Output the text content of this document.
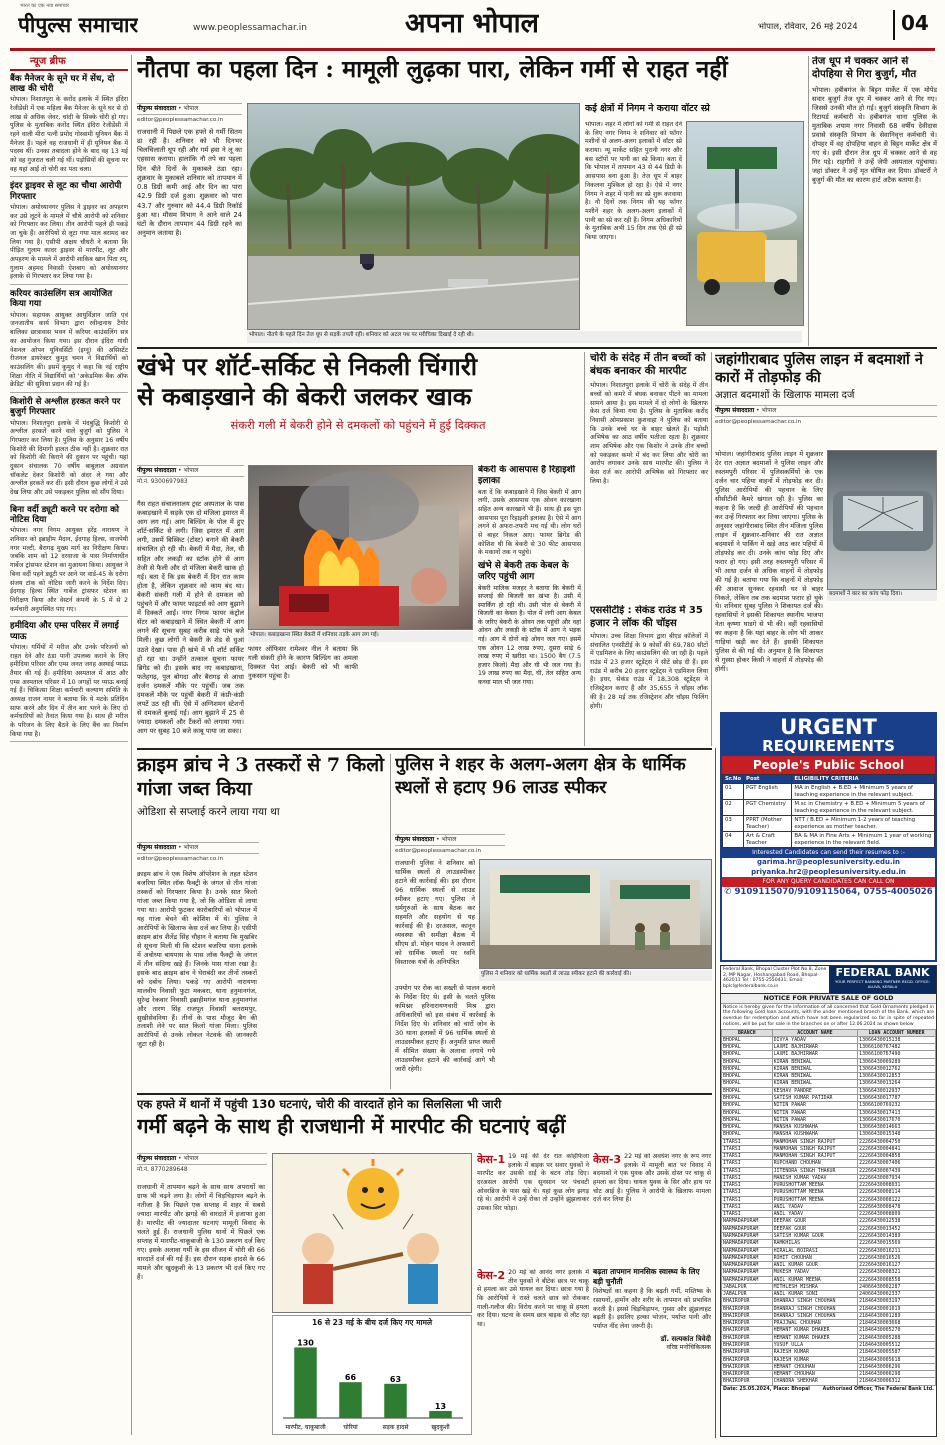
भारत का एक नया समाचार
पीपुल्स समाचार	www.peoplessamachar.in	अपना भोपाल	भोपाल, रविवार, 26 मई 2024	04
न्यूज ब्रीफ
बैंक मैनेजर के सूने घर में सेंध, दो लाख की चोरी
भोपाल। निशातपुरा के करोंद इलाके में स्थित इंदिरा रेजीडेंसी में एक महिला बैंक मैनेजर के सूने घर से दो लाख से अधिक जेवर, चांदी के सिक्के चोरी हो गए। पुलिस के मुताबिक करोंद स्थित इंदिरा रेजीडेंसी में रहने वाली मीरा पत्नी प्रमोद गोस्वामी यूनियन बैंक में मैनेजर हैं। पहले वह राजधानी में ही यूनियन बैंक में पदस्थ थीं। उनका तबादला होने के बाद वह 13 मई को वह गुजरात चली गई थीं। पड़ोसियों की सूचना पर वह यहां आईं तो चोरी का पता चला।
इंदर ड्राइवर से लूट का चौथा आरोपी गिरफ्तार
भोपाल। अयोध्यानगर पुलिस ने ड्राइवर का अपहरण कर उसे लूटने के मामले में चौथे आरोपी को शनिवार को गिरफ्तार कर लिया। तीन आरोपी पहले ही पकड़े जा चुके हैं। आरोपियों से लूटा गया माल बरामद कर लिया गया है। एसीपी अक्षय चौधरी ने बताया कि पीड़ित गुलाम कादर ड्राइवर से मारपीट, लूट और अपहरण के मामले में आरोपी शाकिब खान पिता रम्, गुलाम अहमद निवासी ऐशबाग को अयोध्यानगर इलाके से गिरफ्तार कर लिया गया है।
करियर काउंसलिंग सत्र आयोजित किया गया
भोपाल। सहायक आयुक्त आयुर्विज्ञान जाति एवं जनजातीय कार्य विभाग द्वारा रवीन्द्रनाथ टैगोर बालिका छात्रावास भवन में करियर काउंसलिंग सत्र का आयोजन किया गया। इस दौरान इंदिरा गांधी नेशनल ओपन यूनिवर्सिटी (इग्नू) की असिस्टेंट रीजनल डायरेक्टर कुमुद चमन ने विद्यार्थियों को काउंसलिंग की। इसमें कुमुद ने कहा कि नई राष्ट्रीय शिक्षा नीति में विद्यार्थियों को 'अकेडमिक बैंक ऑफ क्रेडिट' की सुविधा प्रदान की गई है।
किशोरी से अश्लील हरकत करने पर बुजुर्ग गिरफ्तार
भोपाल। निशातपुरा इलाके में मंदबुद्धि किशोरी से अश्लील हरकतें करने वाले बुजुर्ग को पुलिस ने गिरफ्तार कर लिया है। पुलिस के अनुसार 16 वर्षीय किशोरी की दिमागी हालत ठीक नहीं है। शुक्रवार रात को किशोरी की किराने की दुकान पर पहुंची। यहां दुकान संचालक 70 वर्षीय बाबूलाल अग्रवाल चॉकलेट देकर किशोरी को अंदर ले गया और अश्लील हरकतें कर दीं। इसी दौरान कुछ लोगों ने उसे देख लिया और उसे पकड़कर पुलिस को सौंप दिया।
बिना वर्दी ड्यूटी करने पर दरोगा को नोटिस दिया
भोपाल। नगर निगम आयुक्त हरेंद्र नारायण ने शनिवार को इब्राहीम मैदान, ईदगाह हिल्स, वाजपेयी नगर मल्टी, बैरागढ़ मुख्य मार्ग का निरीक्षण किया। जबकि शाम को 12 दरवाजा के पास निर्माणाधीन गार्बेज ट्रांसफर स्टेशन का मुआयना किया। आयुक्त ने बिना वर्दी पहने ड्यूटी पर आने पर वार्ड-45 के दरोगा संजय टांक को नोटिस जारी करने के निर्देश दिए। ईदगाह हिल्स स्थित गार्बेज ट्रांसफर स्टेशन का निरीक्षण किया और वेस्टर्न कंपनी के 5 में से 2 कर्मचारी अनुपस्थित पाए गए।
हमीदिया और एम्स परिसर में लगाई प्याऊ
भोपाल। गर्मियों में मरीज और उनके परिजनों को राहत देने और ठंडा पानी उपलब्ध कराने के लिए हमीदिया परिसर और एम्स जनत जगह अस्थाई प्याऊ तैयार की गई हैं। हमीदिया अस्पताल में आठ और एम्स अस्पताल परिसर में 10 जगहों पर प्याऊ बनाई गई हैं। चिकित्सा शिक्षा कर्मचारी कल्याण समिति के अध्यक्ष राजन नायर ने बताया कि ये मटके प्रतिदिन साफ करने और दिन में तीन बार भरने के लिए दो कर्मचारियों को तैनात किया गया है। साथ ही मरीज के परिजन के लिए बैठने के लिए बैंच का निर्माण किया गया है।
नौतपा का पहला दिन : मामूली लुढ़का पारा, लेकिन गर्मी से राहत नहीं
पीपुल्स संवाददाता • भोपाल
editor@peoplessamachar.co.in
राजधानी में पिछले एक हफ्ते से गर्मी सितम ढा रही है। शनिवार को भी दिनभर चिलचिलाती धूप रही और गर्म हवा ने लू का एहसास कराया। हालांकि नौ तपे का पहला दिन बीते दिनों के मुकाबले ठंडा रहा। शुक्रवार के मुकाबले शनिवार को तापमान में 0.8 डिग्री कमी आई और दिन का पारा 42.9 डिग्री दर्ज हुआ। शुक्रवार को पारा 43.7 और गुरुवार को 44.4 डिग्री रिकॉर्ड हुआ था। मौसम विभाग ने आने वाले 24 घंटों के दौरान तापमान 44 डिग्री रहने का अनुमान जताया है।
भोपाल। नौतपे के पहले दिन तेज धूप से सड़कें तपती रहीं। शनिवार को अटल पथ पर मरीचिका दिखाई दे रही थी।
कई क्षेत्रों में निगम ने कराया वॉटर स्प्रे
भोपाल। शहर में लोगों को गर्मी से राहत देने के लिए नगर निगम ने शनिवार को फॉगर मशीनों से अलग-अलग इलाकों में वॉटर स्प्रे कराया। न्यू मार्केट सहित पुरानी नगर और बस स्टॉपों पर पानी का स्प्रे किया। बता दें कि भोपाल में तापमान 43 से 44 डिग्री के आसपास बना हुआ है। तेज धूप में बाहर निकलना मुश्किल हो रहा है। ऐसे में नगर निगम ने शहर में पानी का स्प्रे शुरू करवाया है। नौ दिनों तक निगम की यह फॉगर मशीनें शहर के अलग-अलग इलाकों में पानी का स्प्रे कर रही हैं। निगम अधिकारियों के मुताबिक अभी 15 दिन तक ऐसे ही स्प्रे किया जाएगा।
तेज धूप में चक्कर आने से दोपहिया से गिरा बुजुर्ग, मौत
भोपाल। हबीबगंज के बिट्टन मार्केट में एक मोपेड सवार बुजुर्ग तेज धूप में चक्कर आने से गिर गए। जिससे उनकी मौत हो गई। बुजुर्ग संस्कृति विभाग के रिटायर्ड कर्मचारी थे। हबीबगंज थाना पुलिस के मुताबिक शयाम नगर निवासी 68 वर्षीय देवीदास प्रवासे संस्कृति विभाग के सेवानिवृत्त कर्मचारी थे। दोपहर में वह दोपहिया वाहन से बिट्टन मार्केट क्षेत्र में गए थे। इसी दौरान तेज धूप में चक्कर आने से वह गिर पड़े। राहगीरों ने उन्हें जेपी अस्पताल पहुंचाया। जहां डॉक्टर ने उन्हें मृत घोषित कर दिया। डॉक्टरों ने बुजुर्ग की मौत का कारण हार्ट अटैक बताया है।
खंभे पर शॉर्ट-सर्किट से निकली चिंगारी
से कबाड़खाने की बेकरी जलकर खाक
संकरी गली में बेकरी होने से दमकलों को पहुंचने में हुई दिक्कत
पीपुल्स संवाददाता • भोपाल
मो.नं. 9300697983
भोपाल। कबाड़खाना स्थित बेकरी में शनिवार तड़के आग लग गई।
गैस राहत संचालनालय ट्रस्ट अस्पताल के पास कबाड़खाने में सड़के एक दो मंजिला इमारत में आग लग गई। आग बिल्डिंग के पोल में हुए शॉर्ट-सर्किट से लगी। जिस इमारत में आग लगी, उसमें बिस्किट (टोस्ट) बनाने की बेकरी संचालित हो रही थी। बेकरी में मैदा, तेल, घी सहित और लकड़ी का स्टॉक होने से आग तेजी से फैली और दो मंजिला बेकरी खाक हो गई। बता दें कि इस बेकरी में दिन रात काम होता है, लेकिन शुक्रवार को काम बंद था। बेकरी संकरी गली में होने से दमकल को पहुंचने में और फायर फाइटर्स को आग बुझाने में दिक्कतें आईं। नगर निगम फायर कंट्रोल सेंटर को कबाड़खाने में स्थित बेकरी में आग लगने की सूचना सुबह करीब साढ़े पांच बजे मिली। कुछ लोगों ने बेकरी के शेड से धुआं उठते देखा। पास ही खंभे में भी शॉर्ट सर्किट हो रहा था। उन्होंने तत्काल सूचना फायर ब्रिगेड को दी। इसके बाद नए कबाड़खाना, फतेहगढ़, पुल बोगदा और बैरागढ़ से आधा दर्जन दमकलें मौके पर पहुंचीं। जब तक दमकलें मौके पर पहुंचीं बेकरी में कंप्री-कंप्री लपटें उठ रही थीं। ऐसे में अग्निशमन स्टेशनों से दमकलें बुलाई गईं। आग बुझाने में 25 से ज्यादा दमकलों और टैंकरों को लगाया गया। आग पर सुबह 10 बजे काबू पाया जा सका।
फायर ऑफिसर रामेश्वर नील ने बताया कि गली संकरी होने के कारण बिल्डिंग का अमला दिक्कत पेश आई। बेकरी को भी काफी नुकसान पहुंचा है।
बेकरी के आसपास है रिहाइशी इलाका
बता दें कि कबाड़खाने में जिस बेकरी में आग लगी, उसके आसपास एक ओवन कारखाना सहित अन्य कारखाने भी हैं। साथ ही इस पूरा आसपास पूरा रिहाइशी इलाका है। ऐसे में आग लगने से अफरा-तफरी मच गई थी। लोग घरों से बाहर निकल आए। फायर ब्रिगेड की कोशिश थी कि बेकरी से 30 फीट आसपास के मकानों तक न पहुंचे।
खंभे से बेकरी तक केबल के जरिए पहुंची आग
बेकरी मालिक मजहर ने बताया कि बेकरी में सप्लाई की बिजली का खंभा है। उसी में स्पार्किंग हो रही थी। उसी पोल से बेकरी में बिजली का केबल है। पोल में लगी आग केबल के जरिए बेकरी के ओवन तक पहुंची और वहां ओवन और लकड़ी के स्टॉक में आग ने भड़क गई। आग में दोनों बड़े ओवन जल गए। इसमें एक ओवन 12 लाख रुपए, दूसरा साढ़े 6 लाख रुपए में खरीदा था। 1500 बैग (7.5 हजार किलो) मैदा और घी भी जल गया है। 19 लाख रुपए का मैदा, घी, तेल सहित अन्य कच्चा माल भी जल गया।
चोरी के संदेह में तीन बच्चों को बंधक बनाकर की मारपीट
भोपाल। निशातपुरा इलाके में चोरी के संदेह में तीन बच्चों को कमरे में बंधक बनाकर पीटने का मामला सामने आया है। इस मामले में दो लोगों के खिलाफ केस दर्ज किया गया है। पुलिस के मुताबिक करोंद निवासी ओमप्रकाश कुशवाहा ने पुलिस को बताया कि उनके बच्चे घर के बाहर खेलते हैं। पड़ोसी अभिषेक का आठ वर्षीय भतीजा रहता है। शुक्रवार शाम अभिषेक और एक किशोर ने उनके तीन बच्चों को पकड़कर कमरे में बंद कर लिया और चोरी का आरोप लगाकर उनके साथ मारपीट की। पुलिस ने केस दर्ज कर आरोपी अभिषेक को गिरफ्तार कर लिया है।
एससीटीई : सेकंड राउंड में 35 हजार ने लॉक की चॉइस
भोपाल। उच्च शिक्षा विभाग द्वारा बीएड कॉलेजों में संचालित एनसीटीई के 9 कोर्सों की 69,780 सीटों में एडमिशन के लिए काउंसलिंग की जा रही है। पहले राउंड में 23 हजार स्टूडेंट्स ने सीटें छोड़ दी हैं। इस राउंड में करीब 20 हजार स्टूडेंट्स ने एडमिशन लिया है। इधर, सेकंड राउंड में 18,308 स्टूडेंट्स ने रजिस्ट्रेशन कराए हैं और 35,655 ने चॉइस लॉक की है। 28 मई तक रजिस्ट्रेशन और चॉइस फिलिंग होगी।
जहांगीराबाद पुलिस लाइन में बदमाशों ने कारों में तोड़फोड़ की
अज्ञात बदमाशों के खिलाफ मामला दर्ज
पीपुल्स संवाददाता • भोपाल
editor@peoplessamachar.co.in
भोपाल। जहांगीराबाद पुलिस लाइन में शुक्रवार देर रात अज्ञात बदमाशों ने पुलिस लाइन और रुस्तमपुरी परिसर में पुलिसकर्मियों के एक दर्जन चार पहिया वाहनों में तोड़फोड़ कर दी। पुलिस आरोपियों की पहचान के लिए सीसीटीवी कैमरे खंगाल रही है। पुलिस का कहना है कि जल्दी ही आरोपियों की पहचान कर उन्हें गिरफ्तार कर लिया जाएगा। पुलिस के अनुसार जहांगीराबाद स्थित तीन मंजिला पुलिस लाइन में शुक्रवार-शनिवार की रात अज्ञात बदमाशों ने पार्किंग में खड़े आठ कार पहियों में तोड़फोड़ कर दी। उनके कांच फोड़ दिए और फरार हो गए। इसी तरह रुस्तमपुरी परिसर में भी आधा दर्जन से अधिक वाहनों में तोड़फोड़ की गई है। बताया गया कि वाहनों में तोड़फोड़ की आवाज सुनकर रहवासी घर से बाहर निकले, लेकिन तब तक बदमाश फरार हो चुके थे। शनिवार सुबह पुलिस ने शिकायत दर्ज की। रहवासियों ने इसकी शिकायत स्थानीय भाजपा नेता कृष्णा घाडगे से भी की। वहीं रहवासियों का कहना है कि यहां बाहर के लोग भी आकर गाड़ियां खड़ी कर देते हैं। इसकी शिकायत पुलिस से की गई थी। अनुमान है कि शिकायत से गुस्सा होकर किसी ने वाहनों में तोड़फोड़ की होगी।
बदमाशों ने कार का कांच फोड़ दिया।
क्राइम ब्रांच ने 3 तस्करों से 7 किलो गांजा जब्त किया
ओडिशा से सप्लाई करने लाया गया था
पीपुल्स संवाददाता • भोपाल
editor@peoplessamachar.co.in
क्राइम ब्रांच ने एक विशेष ऑपरेशन के तहत स्टेशन बजरिया स्थित लॉक फैक्ट्री के जंगल से तीन गांजा तस्करों को गिरफ्तार किया है। उनके सात किलो गांजा जब्त किया गया है, जो कि ओडिशा से लाया गया था। आरोपी फुटकर कारोबारियों को भोपाल में यह गांजा बेचने की कोशिश में थे। पुलिस ने आरोपियों के खिलाफ केस दर्ज कर लिया है। एसीपी क्राइम ब्रांच शैलेंद्र सिंह चौहान ने बताया कि मुखबिर से सूचना मिली थी कि स्टेशन बजरिया थाना इलाके में अवोध्या बायपास के पास लॉक फैक्ट्री के जंगल में तीन संदिग्ध खड़े हैं। जिनके पास गांजा रखा है। इसके बाद क्राइम ब्रांच ने घेराबंदी कर तीनों तस्करों को दबोच लिया। पकड़े गए आरोपी नारायणा मालवीय निवासी फुटा मकबरा, थाना हनुमानगंज, सुरेन्द्र रेकवार निवासी इब्राहीमगंज थाना हनुमानगंज और तारण सिंह राजपूत निवासी बलरामपुर, सुखीसेवनिया हैं। तीनों के पास मौजूद बैग की तलाशी लेने पर सात किलो गांजा मिला। पुलिस आरोपियों से उनके लोकल नेटवर्क की जानकारी जुटा रही है।
पुलिस ने शहर के अलग-अलग क्षेत्र के धार्मिक स्थलों से हटाए 96 लाउड स्पीकर
पीपुल्स संवाददाता • भोपाल
editor@peoplessamachar.co.in
राजधानी पुलिस ने शनिवार को धार्मिक स्थलों से लाउडस्पीकर हटाने की कार्रवाई की। इस दौरान 96 धार्मिक स्थलों से लाउड स्पीकर हटाए गए। पुलिस ने धर्मगुरुओं के साथ बैठक कर सहमति और सहयोग से यह कार्रवाई की है। दरअसल, कानून व्यवस्था की समीक्षा बैठक में सीएम डॉ. मोहन यादव ने अफसरों को धार्मिक स्थलों पर ध्वनि विस्तारक यंत्रों के अनियंत्रित
पुलिस ने शनिवार को धार्मिक स्थलों से लाउड स्पीकर हटाने की कार्रवाई की।
उपयोग पर रोक का सख्ती से पालन कराने के निर्देश दिए थे। इसी के चलते पुलिस कमिश्नर हरिनारायणचारी मिश्र द्वारा अधिकारियों को इस संबंध में कार्रवाई के निर्देश दिए थे। शनिवार को चारों जोन के 30 थाना इलाकों में 96 धार्मिक स्थलों से लाउडस्पीकर हटाए हैं। अनुमति प्राप्त स्थलों में सीमित संख्या के अलावा लगाये गये लाउडस्पीकर हटाने की कार्रवाई आगे भी जारी रहेगी।
एक हफ्ते में थानों में पहुंची 130 घटनाएं, चोरी की वारदातें होने का सिलसिला भी जारी
गर्मी बढ़ने के साथ ही राजधानी में मारपीट की घटनाएं बढ़ीं
पीपुल्स संवाददाता • भोपाल
मो.नं. 8770289648
राजधानी में तापमान बढ़ने के साथ साथ अपराधों का ग्राफ भी चढ़ने लगा है। लोगों में चिड़चिड़ापन बढ़ने के नतीजा है कि पिछले एक सप्ताह में शहर में सबसे ज्यादा मारपीट और झगड़े की वारदातें में इजाफा हुआ है। मारपीट की ज्यादातर घटनाएं मामूली विवाद के चलते हुई हैं। राजधानी पुलिस थानों में पिछले एक सप्ताह में मारपीट-चाकूबाजी के 130 प्रकरण दर्ज किए गए। इसके अलावा गर्मी के इस सीजन में चोरी की 66 वारदातें दर्ज की गई हैं। इस दौरान सड़क हादसे के 66 मामले और खुदकुशी के 13 प्रकरण भी दर्ज किए गए हैं।
16 से 23 मई के बीच दर्ज किए गए मामले
130
मारपीट, चाकूबाजी
66
चोरियां
63
सड़क हादसे
13
खुदकुशी
केस-1 19 मई की देर रात कोहेफिजा इलाके में बाइक पर सवार युवकों ने मारपीट कर उसकी दाईं के बटन तोड़ दिए। दरअसल आरोपी एक सूनसान पर पंचवटी ओवरब्रिज के पास खड़े थे। यहां कुछ लोग झगड़ रहे थे। आरोपी ने उन्हें रोका तो उन्होंने झुंझलाकर उसका सिर फोड़ा।
केस-2 20 मई को आनंद नगर इलाके में तीन युवकों ने बीटेक छात्र पर चाकू से हमला कर उसे घायल कर दिया। छात्रा गया है कि आरोपियों ने रास्ते चलते छात्र को रोककर गाली-गलौज की। विरोध करने पर चाकू से हमला कर दिया। घटना के समय छात्र बाइक से लौट रहा था।
केस-3 22 मई को अवधेश नगर के रूप नगर इलाके में मामूली बात पर विवाद में बदमाशों ने एक युवक और उसके दोस्त पर चाकू से हमला कर दिया। घायल युवक के सिर और हाथ पर चोट आई है। पुलिस ने आरोपी के खिलाफ मामला दर्ज कर लिया है।
बढ़ता तापमान मानसिक स्वास्थ्य के लिए बड़ी चुनौती
विशेषज्ञों का कहना है कि बढ़ती गर्मी, मस्तिष्क के रसायनों, हार्मोन और शरीर के तापमान को प्रभावित करती है। इससे चिड़चिड़ापन, गुस्सा और झुंझलाहट बढ़ती है। इसलिए हल्का भोजन, पर्याप्त पानी और पर्याप्त नींद लेना जरूरी है।
डॉ. सत्यकांत त्रिवेदी
वरिष्ठ मनोचिकित्सक
URGENT
REQUIREMENTS
People's Public School
Sr.No	Post	ELIGIBILITY CRITERIA
01	PGT English	MA in English + B.ED + Minimum 5 years of teaching experience in the relevant subject.
02	PGT Chemistry	M.sc in Chemistry + B.ED + Minimum 5 years of teaching experience in the relevant subject.
03	PPRT (Mother Teacher)	NTT / B.ED + Minimum 1-2 years of teaching experience as mother teacher.
04	Art & Craft Teacher	BA & MA in Fine Arts + Minimum 1 year of working experience in the relevant field.
Interested Candidates can send their resumes to :-
garima.hr@peoplesuniversity.edu.in
priyanka.hr2@peoplesuniversity.edu.in
FOR ANY QUERY CANDIDATES CAN CALL ON
✆ 9109115070/9109115064, 0755-4005026
Federal Bank, Bhopal Cluster Plot No 8, Zone 2, MP Nagar, Hoshangabad Road, Bhopal-462011 Tel : 0755-2550431, Email: bplcl@federalbank.co.in
FEDERAL BANK
YOUR PERFECT BANKING PARTNER REGD. OFFICE: ALUVA, KERALA
NOTICE FOR PRIVATE SALE OF GOLD
Notice is hereby given for the information of all concerned that Gold Ornaments pledged in the following Gold loan accounts, with the under mentioned branch of the Bank, which are overdue for redemption and which have not been regularized so far in spite of repeated notices, will be put for sale in the branches on or after 12.06.2024 as shown below
BRANCH	ACCOUNT NAME	LOAN ACCOUNT NUMBER
BHOPAL	DIVYA YADAV	13066430015138
BHOPAL	LAXMI BAJHIRWAR	13066100767482
BHOPAL	LAXMI BAJHIRWAR	13066100767490
BHOPAL	KIRAN BENIWAL	13066430009289
BHOPAL	KIRAN BENIWAL	13066430012762
BHOPAL	KIRAN BENIWAL	13066430012853
BHOPAL	KIRAN BENIWAL	13066430013264
BHOPAL	KESHAV PANDRE	13066430012937
BHOPAL	SATISH KUMAR PATIDAR	13066430017787
BHOPAL	NITIN PAWAR	13066100769232
BHOPAL	NITIN PAWAR	13066430017413
BHOPAL	NITIN PAWAR	13066430017670
BHOPAL	MANSHA KUSHWAHA	13066430014663
BHOPAL	MANSHA KUSHWAHA	13066430015348
ITARSI	MANMOHAN SINGH RAJPUT	22266430004750
ITARSI	MANMOHAN SINGH RAJPUT	22266430004841
ITARSI	MANMOHAN SINGH RAJPUT	22266430004858
ITARSI	RUPCHAND CHOUHAN	22266430007406
ITARSI	JITENDRA SINGH THAKUR	22266430007439
ITARSI	MANISH KUMAR YADAV	22266430007934
ITARSI	PURUSHOTTAM MEENA	22266430008031
ITARSI	PURUSHOTTAM MEENA	22266430008114
ITARSI	PURUSHOTTAM MEENA	22266430008122
ITARSI	ANIL YADAV	22266430008478
ITARSI	ANIL YADAV	22266430008809
NARMADAPURAM	DEEPAK GOUR	22266430012538
NARMADAPURAM	DEEPAK GOUR	22266430013452
NARMADAPURAM	SATISH KUMAR GOUR	22266430014389
NARMADAPURAM	RAMKHILAS	22266430015569
NARMADAPURAM	HIRALAL BOIRASI	22266430016211
NARMADAPURAM	ROHIT CHOUHAN	22266430016526
NARMADAPURAM	ANIL KUMAR GOUR	22266430016127
NARMADAPURAM	MUKESH YADAV	22266430008321
NARMADAPURAM	ANIL KUMAR MEENA	22266430008558
JABALPUR	MITHLESH MISHRA	24066430002287
JABALPUR	ANIL KUMAR SONI	24066430002337
BHAIROPUR	DHANRAJ SINGH CHOUHAN	21846430003197
BHAIROPUR	DHANRAJ SINGH CHOUHAN	21846430001019
BHAIROPUR	DHANRAJ SINGH CHOUHAN	21846430001289
BHAIROPUR	PRAJJWAL CHOUHAN	21846430003668
BHAIROPUR	HEMANT KUMAR DHAKER	21846430005270
BHAIROPUR	HEMANT KUMAR DHAKER	21846430005288
BHAIROPUR	YUSUF ULLA	21846430005512
BHAIROPUR	RAJESH KUMAR	21846430005587
BHAIROPUR	RAJESH KUMAR	21846430005618
BHAIROPUR	HEMANT CHOUHAN	21846430006296
BHAIROPUR	HEMANT CHOUHAN	21846430006298
BHAIROPUR	CHANDRA SHEKHAR	21846430006312
Date: 25.05.2024, Place: Bhopal	Authorised Officer, The Federal Bank Ltd.
